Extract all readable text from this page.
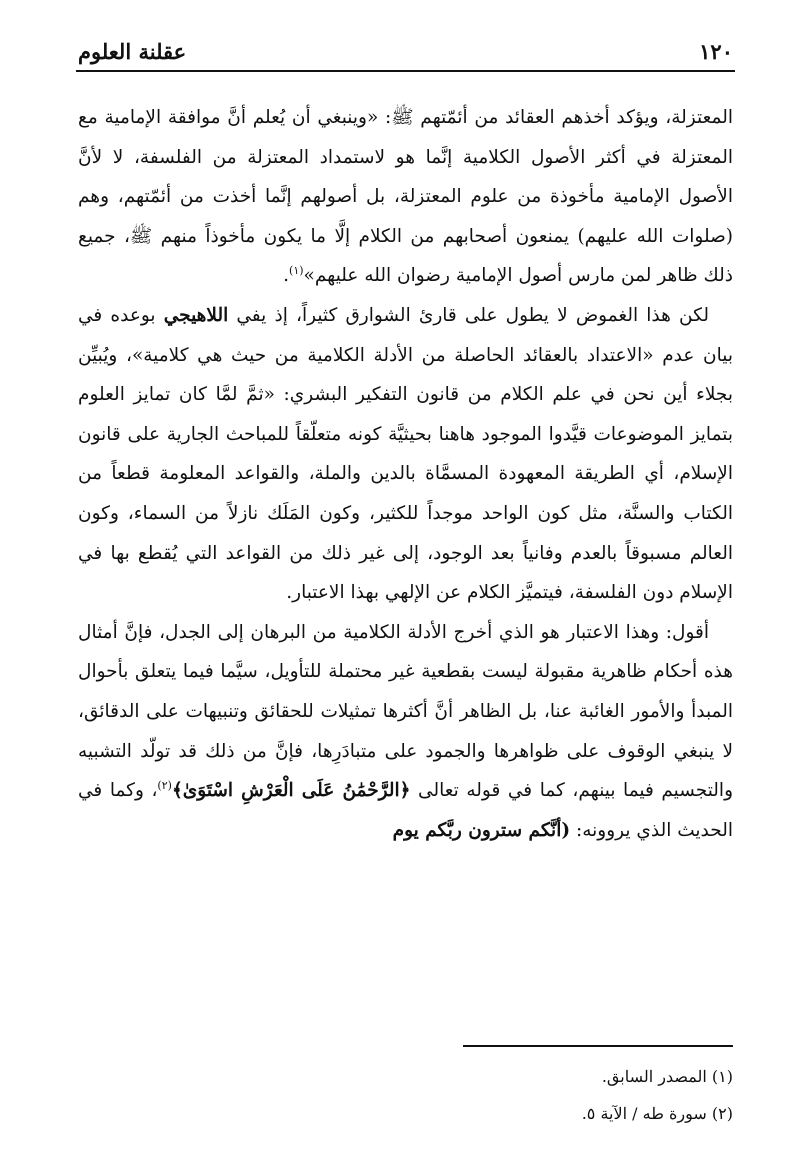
١٢٠
عقلنة العلوم

المعتزلة، ويؤكد أخذهم العقائد من أئمّتهم ﷺ: «وينبغي أن يُعلم أنَّ موافقة الإمامية مع المعتزلة في أكثر الأصول الكلامية إنَّما هو لاستمداد المعتزلة من الفلسفة، لا لأنَّ الأصول الإمامية مأخوذة من علوم المعتزلة، بل أصولهم إنَّما أخذت من أئمّتهم، وهم (صلوات الله عليهم) يمنعون أصحابهم من الكلام إلَّا ما يكون مأخوذاً منهم ﷺ، جميع ذلك ظاهر لمن مارس أصول الإمامية رضوان الله عليهم»$^{(١)}$.

لكن هذا الغموض لا يطول على قارئ الشوارق كثيراً، إذ يفي اللاهيجي بوعده في بيان عدم «الاعتداد بالعقائد الحاصلة من الأدلة الكلامية من حيث هي كلامية»، ويُبيِّن بجلاء أين نحن في علم الكلام من قانون التفكير البشري: «ثمَّ لمَّا كان تمايز العلوم بتمايز الموضوعات قيَّدوا الموجود هاهنا بحيثيَّة كونه متعلّقاً للمباحث الجارية على قانون الإسلام، أي الطريقة المعهودة المسمَّاة بالدين والملة، والقواعد المعلومة قطعاً من الكتاب والسنَّة، مثل كون الواحد موجداً للكثير، وكون المَلَك نازلاً من السماء، وكون العالم مسبوقاً بالعدم وفانياً بعد الوجود، إلى غير ذلك من القواعد التي يُقطع بها في الإسلام دون الفلسفة، فيتميَّز الكلام عن الإلهي بهذا الاعتبار.

أقول: وهذا الاعتبار هو الذي أخرج الأدلة الكلامية من البرهان إلى الجدل، فإنَّ أمثال هذه أحكام ظاهرية مقبولة ليست بقطعية غير محتملة للتأويل، سيَّما فيما يتعلق بأحوال المبدأ والأمور الغائبة عنا، بل الظاهر أنَّ أكثرها تمثيلات للحقائق وتنبيهات على الدقائق، لا ينبغي الوقوف على ظواهرها والجمود على متبادَرِها، فإنَّ من ذلك قد تولّد التشبيه والتجسيم فيما بينهم، كما في قوله تعالى ﴿الرَّحْمَٰنُ عَلَى الْعَرْشِ اسْتَوَىٰ﴾$^{(٢)}$، وكما في الحديث الذي يروونه: (أنَّكم سترون ربَّكم يوم

(١) المصدر السابق.

(٢) سورة طه / الآية ٥.
